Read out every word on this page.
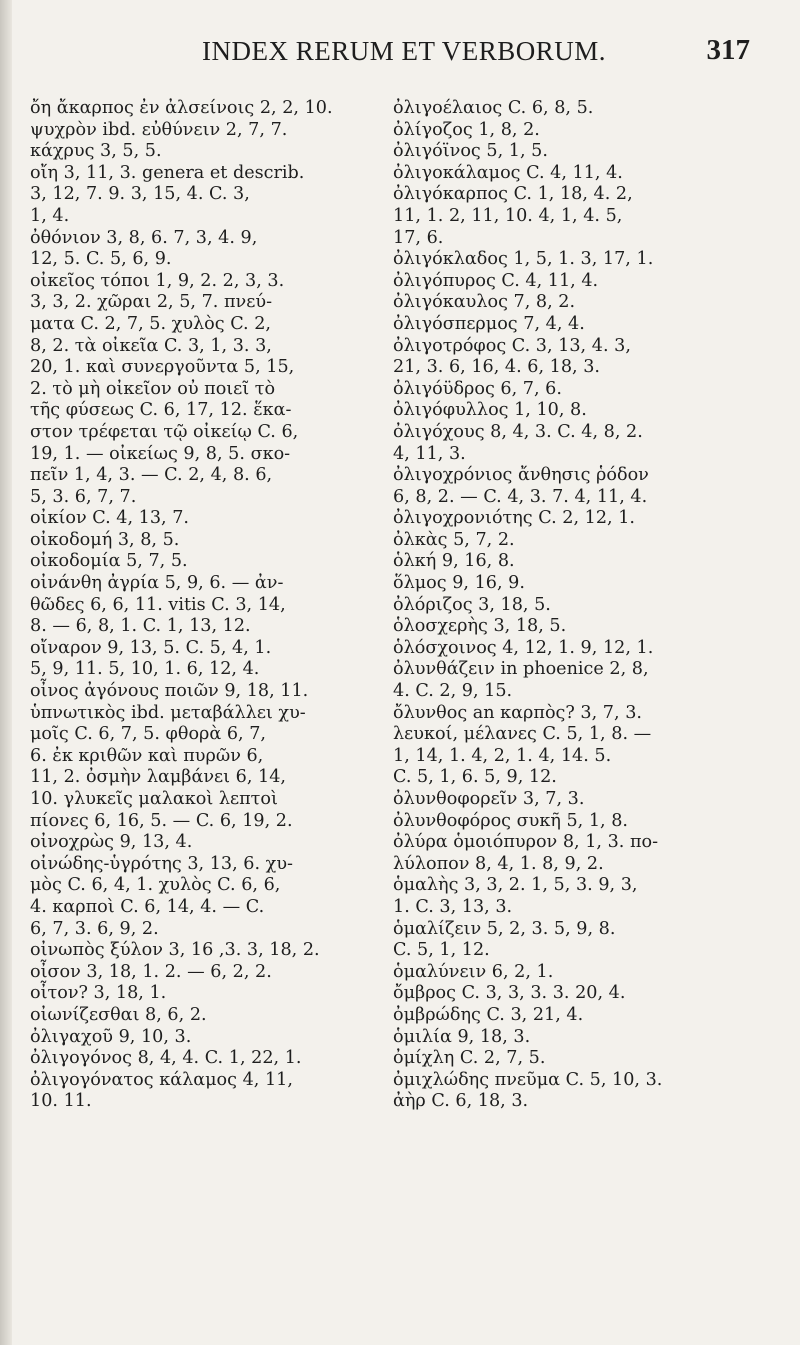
INDEX RERUM ET VERBORUM.	317
ὄη ἄκαρπος ἐν ἀλσείνοις 2, 2, 10.
ψυχρὸν ibd. εὐθύνειν 2, 7, 7.
κάχρυς 3, 5, 5.
οἴη 3, 11, 3. genera et describ.
3, 12, 7. 9. 3, 15, 4. C. 3,
1, 4.
ὀθόνιον 3, 8, 6. 7, 3, 4. 9,
12, 5. C. 5, 6, 9.
οἰκεῖος τόποι 1, 9, 2. 2, 3, 3.
3, 3, 2. χῶραι 2, 5, 7. πνεύ-
ματα C. 2, 7, 5. χυλὸς C. 2,
8, 2. τὰ οἰκεῖα C. 3, 1, 3. 3,
20, 1. καὶ συνεργοῦντα 5, 15,
2. τὸ μὴ οἰκεῖον οὐ ποιεῖ τὸ
τῆς φύσεως C. 6, 17, 12. ἕκα-
στον τρέφεται τῷ οἰκείῳ C. 6,
19, 1. — οἰκείως 9, 8, 5. σκο-
πεῖν 1, 4, 3. — C. 2, 4, 8. 6,
5, 3. 6, 7, 7.
οἰκίον C. 4, 13, 7.
οἰκοδομή 3, 8, 5.
οἰκοδομία 5, 7, 5.
οἰνάνθη ἀγρία 5, 9, 6. — ἀν-
θῶδες 6, 6, 11. vitis C. 3, 14,
8. — 6, 8, 1. C. 1, 13, 12.
οἴναρον 9, 13, 5. C. 5, 4, 1.
5, 9, 11. 5, 10, 1. 6, 12, 4.
οἶνος ἀγόνους ποιῶν 9, 18, 11.
ὑπνωτικὸς ibd. μεταβάλλει χυ-
μοῖς C. 6, 7, 5. φθορὰ 6, 7,
6. ἐκ κριθῶν καὶ πυρῶν 6,
11, 2. ὀσμὴν λαμβάνει 6, 14,
10. γλυκεῖς μαλακοὶ λεπτοὶ
πίονες 6, 16, 5. — C. 6, 19, 2.
οἰνοχρὼς 9, 13, 4.
οἰνώδης-ὑγρότης 3, 13, 6. χυ-
μὸς C. 6, 4, 1. χυλὸς C. 6, 6,
4. καρποὶ C. 6, 14, 4. — C.
6, 7, 3. 6, 9, 2.
οἰνωπὸς ξύλον 3, 16 ,3. 3, 18, 2.
οἶσον 3, 18, 1. 2. — 6, 2, 2.
οἶτον? 3, 18, 1.
οἰωνίζεσθαι 8, 6, 2.
ὀλιγαχοῦ 9, 10, 3.
ὀλιγογόνος 8, 4, 4. C. 1, 22, 1.
ὀλιγογόνατος κάλαμος 4, 11,
10. 11.
ὀλιγοέλαιος C. 6, 8, 5.
ὀλίγοζος 1, 8, 2.
ὀλιγόϊνος 5, 1, 5.
ὀλιγοκάλαμος C. 4, 11, 4.
ὀλιγόκαρπος C. 1, 18, 4. 2,
11, 1. 2, 11, 10. 4, 1, 4. 5,
17, 6.
ὀλιγόκλαδος 1, 5, 1. 3, 17, 1.
ὀλιγόπυρος C. 4, 11, 4.
ὀλιγόκαυλος 7, 8, 2.
ὀλιγόσπερμος 7, 4, 4.
ὀλιγοτρόφος C. 3, 13, 4. 3,
21, 3. 6, 16, 4. 6, 18, 3.
ὀλιγόϋδρος 6, 7, 6.
ὀλιγόφυλλος 1, 10, 8.
ὀλιγόχους 8, 4, 3. C. 4, 8, 2.
4, 11, 3.
ὀλιγοχρόνιος ἄνθησις ῥόδον
6, 8, 2. — C. 4, 3. 7. 4, 11, 4.
ὀλιγοχρονιότης C. 2, 12, 1.
ὀλκὰς 5, 7, 2.
ὁλκή 9, 16, 8.
ὅλμος 9, 16, 9.
ὀλόριζος 3, 18, 5.
ὁλοσχερὴς 3, 18, 5.
ὁλόσχοινος 4, 12, 1. 9, 12, 1.
ὀλυνθάζειν in phoenice 2, 8,
4. C. 2, 9, 15.
ὄλυνθος an καρπὸς? 3, 7, 3.
λευκοί, μέλανες C. 5, 1, 8. —
1, 14, 1. 4, 2, 1. 4, 14. 5.
C. 5, 1, 6. 5, 9, 12.
ὀλυνθοφορεῖν 3, 7, 3.
ὀλυνθοφόρος συκῆ 5, 1, 8.
ὀλύρα ὁμοιόπυρον 8, 1, 3. πο-
λύλοπον 8, 4, 1. 8, 9, 2.
ὁμαλὴς 3, 3, 2. 1, 5, 3. 9, 3,
1. C. 3, 13, 3.
ὁμαλίζειν 5, 2, 3. 5, 9, 8.
C. 5, 1, 12.
ὁμαλύνειν 6, 2, 1.
ὄμβρος C. 3, 3, 3. 3. 20, 4.
ὀμβρώδης C. 3, 21, 4.
ὁμιλία 9, 18, 3.
ὀμίχλη C. 2, 7, 5.
ὀμιχλώδης πνεῦμα C. 5, 10, 3.
ἀὴρ C. 6, 18, 3.
